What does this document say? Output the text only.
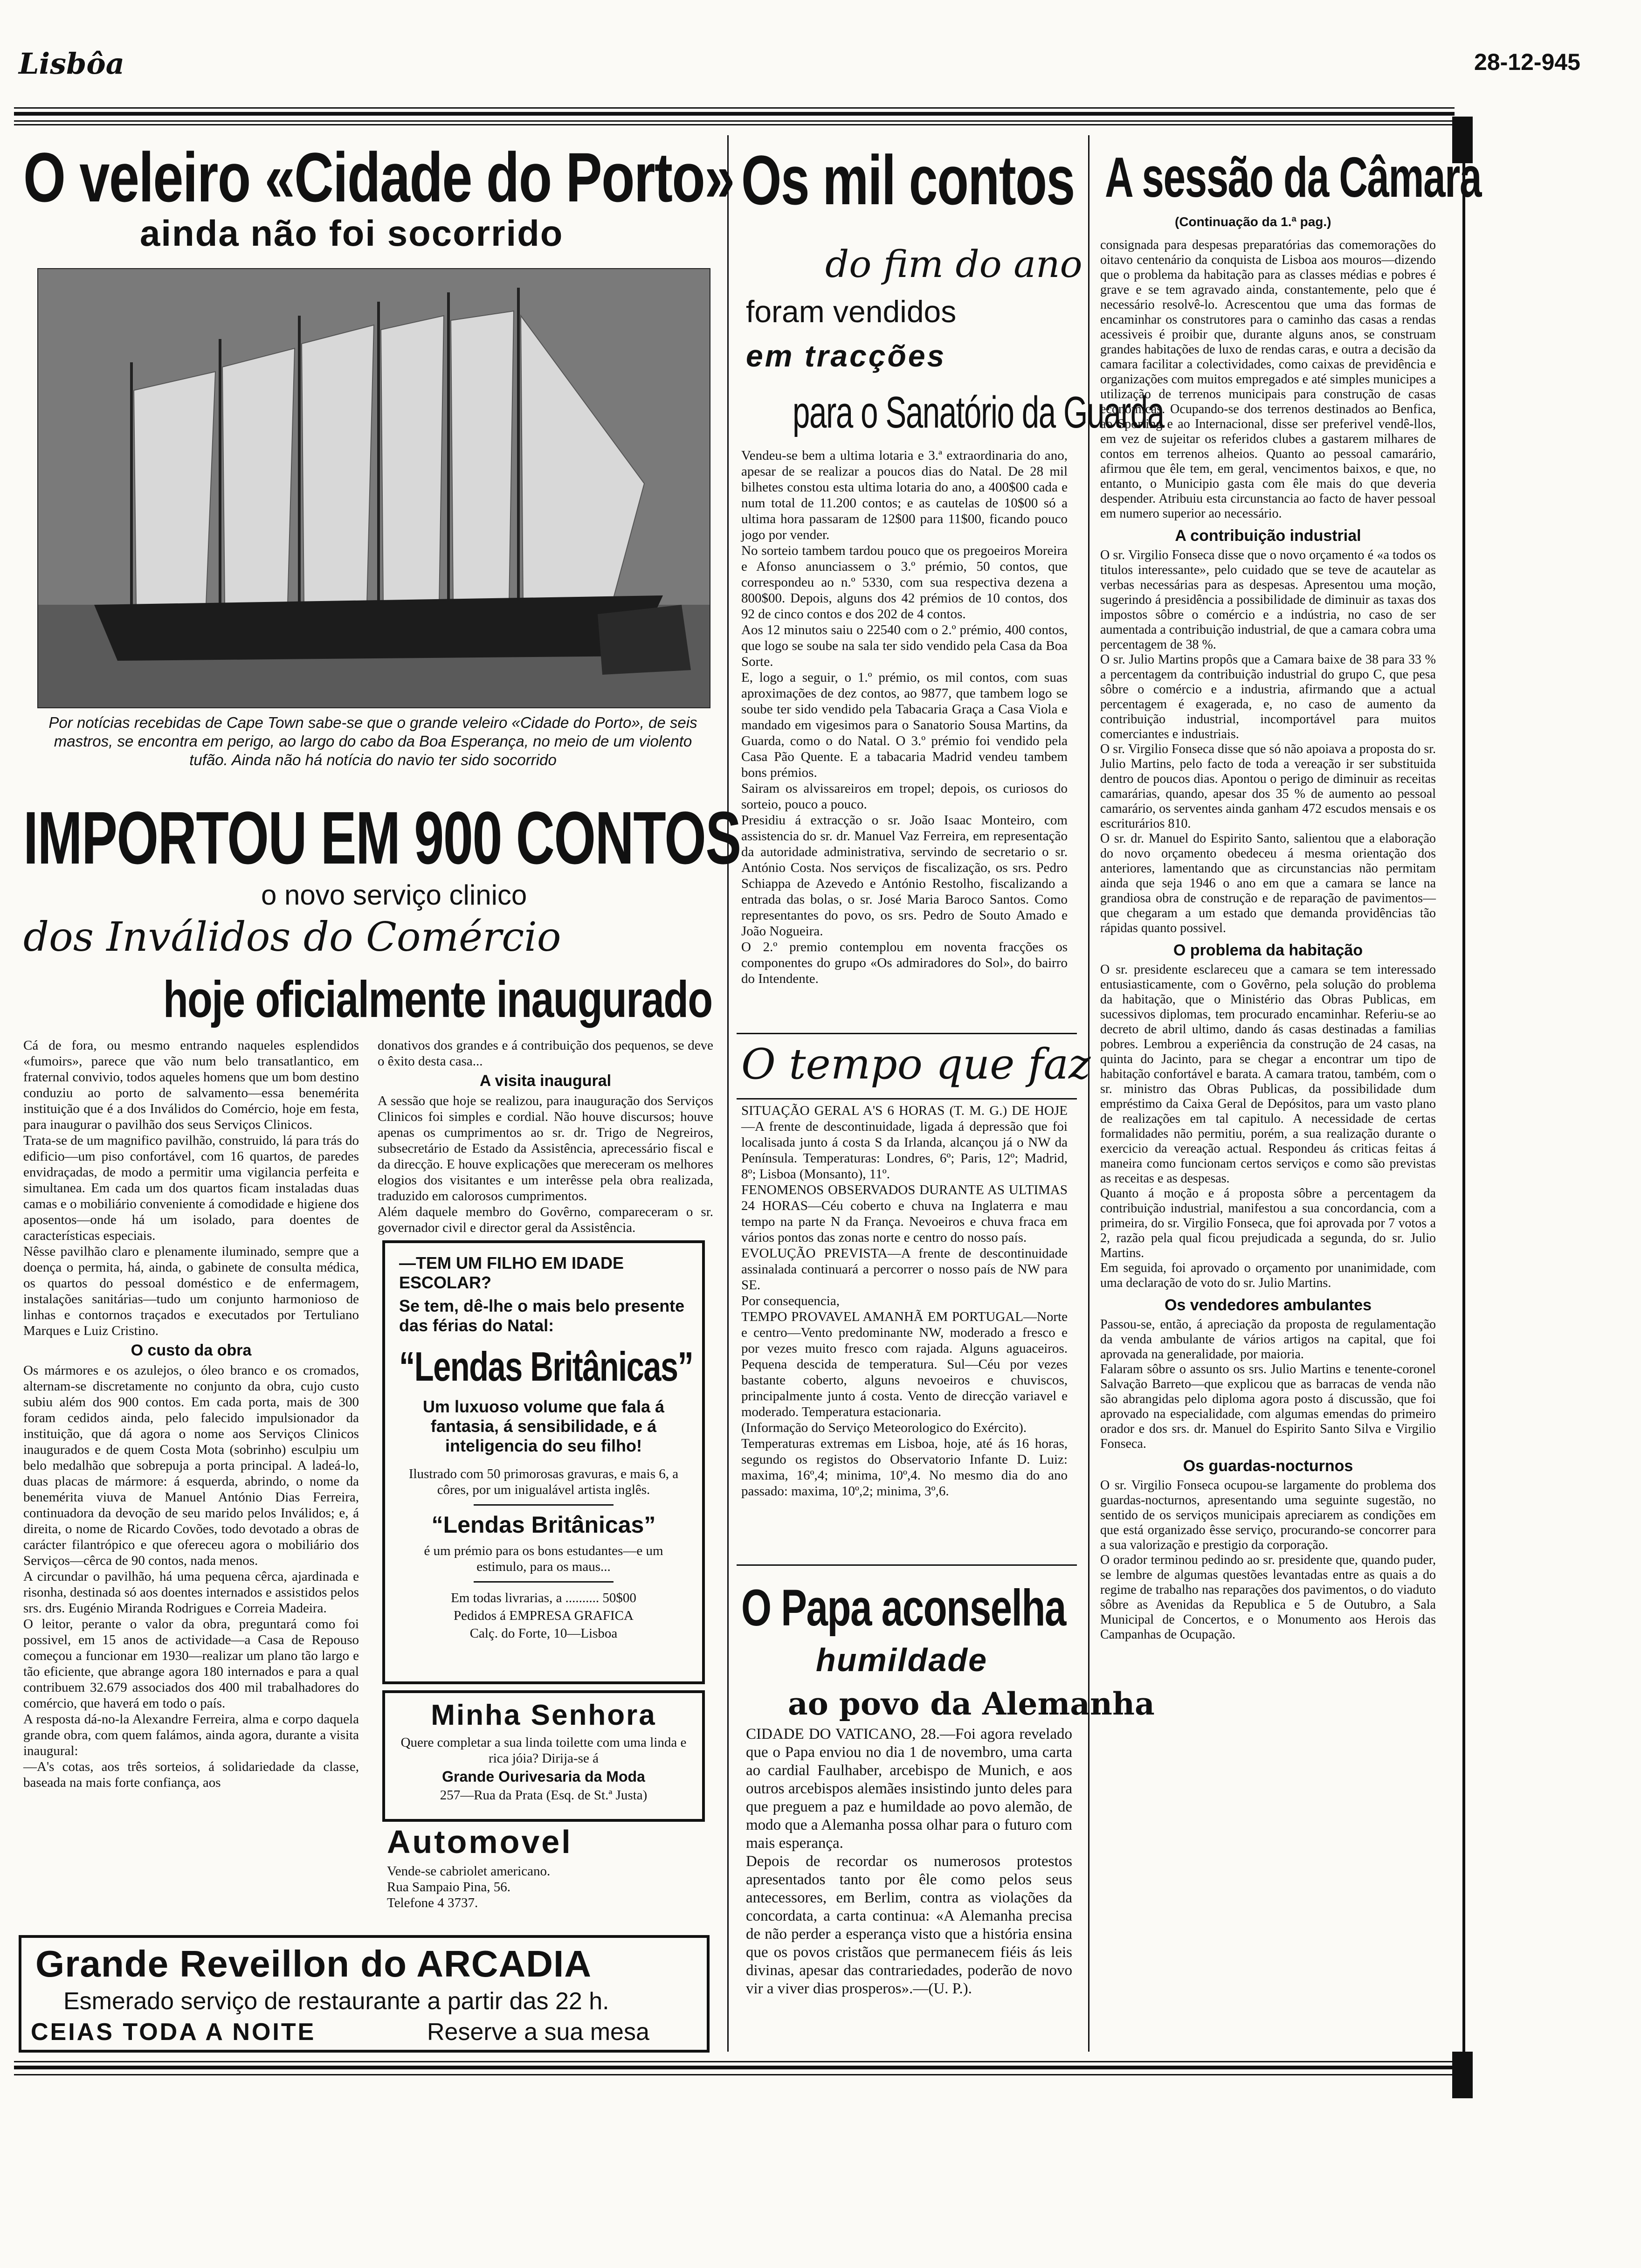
Lisbôa	28-12-945
O veleiro «Cidade do Porto»
ainda não foi socorrido
Por notícias recebidas de Cape Town sabe-se que o grande veleiro «Cidade do Porto», de seis mastros, se encontra em perigo, ao largo do cabo da Boa Esperança, no meio de um violento tufão. Ainda não há notícia do navio ter sido socorrido
IMPORTOU EM 900 CONTOS
o novo serviço clinico
dos Inválidos do Comércio
hoje oficialmente inaugurado
Cá de fora, ou mesmo entrando naqueles esplendidos «fumoirs», parece que vão num belo transatlantico, em fraternal convivio, todos aqueles homens que um bom destino conduziu ao porto de salvamento—essa benemérita instituição que é a dos Inválidos do Comércio, hoje em festa, para inaugurar o pavilhão dos seus Serviços Clinicos.
Trata-se de um magnifico pavilhão, construido, lá para trás do edificio—um piso confortável, com 16 quartos, de paredes envidraçadas, de modo a permitir uma vigilancia perfeita e simultanea. Em cada um dos quartos ficam instaladas duas camas e o mobiliário conveniente á comodidade e higiene dos aposentos—onde há um isolado, para doentes de características especiais.
Nêsse pavilhão claro e plenamente iluminado, sempre que a doença o permita, há, ainda, o gabinete de consulta médica, os quartos do pessoal doméstico e de enfermagem, instalações sanitárias—tudo um conjunto harmonioso de linhas e contornos traçados e executados por Tertuliano Marques e Luiz Cristino.
O custo da obra
Os mármores e os azulejos, o óleo branco e os cromados, alternam-se discretamente no conjunto da obra, cujo custo subiu além dos 900 contos. Em cada porta, mais de 300 foram cedidos ainda, pelo falecido impulsionador da instituição, que dá agora o nome aos Serviços Clinicos inaugurados e de quem Costa Mota (sobrinho) esculpiu um belo medalhão que sobrepuja a porta principal. A ladeá-lo, duas placas de mármore: á esquerda, abrindo, o nome da benemérita viuva de Manuel António Dias Ferreira, continuadora da devoção de seu marido pelos Inválidos; e, á direita, o nome de Ricardo Covões, todo devotado a obras de carácter filantrópico e que ofereceu agora o mobiliário dos Serviços—cêrca de 90 contos, nada menos.
A circundar o pavilhão, há uma pequena cêrca, ajardinada e risonha, destinada só aos doentes internados e assistidos pelos srs. drs. Eugénio Miranda Rodrigues e Correia Madeira.
O leitor, perante o valor da obra, preguntará como foi possivel, em 15 anos de actividade—a Casa de Repouso começou a funcionar em 1930—realizar um plano tão largo e tão eficiente, que abrange agora 180 internados e para a qual contribuem 32.679 associados dos 400 mil trabalhadores do comércio, que haverá em todo o país.
A resposta dá-no-la Alexandre Ferreira, alma e corpo daquela grande obra, com quem falámos, ainda agora, durante a visita inaugural:
—A's cotas, aos três sorteios, á solidariedade da classe, baseada na mais forte confiança, aos
donativos dos grandes e á contribuição dos pequenos, se deve o êxito desta casa...
A visita inaugural
A sessão que hoje se realizou, para inauguração dos Serviços Clinicos foi simples e cordial. Não houve discursos; houve apenas os cumprimentos ao sr. dr. Trigo de Negreiros, subsecretário de Estado da Assistência, aprecessário fiscal e da direcção. E houve explicações que mereceram os melhores elogios dos visitantes e um interêsse pela obra realizada, traduzido em calorosos cumprimentos.
Além daquele membro do Govêrno, compareceram o sr. governador civil e director geral da Assistência.
—TEM UM FILHO EM IDADE ESCOLAR?
Se tem, dê-lhe o mais belo presente das férias do Natal:
“Lendas Britânicas”
Um luxuoso volume que fala á fantasia, á sensibilidade, e á inteligencia do seu filho!
Ilustrado com 50 primorosas gravuras, e mais 6, a côres, por um inigualável artista inglês.
“Lendas Britânicas”
é um prémio para os bons estudantes—e um estimulo, para os maus...
Em todas livrarias, a .......... 50$00
Pedidos á EMPRESA GRAFICA
Calç. do Forte, 10—Lisboa
Minha Senhora
Quere completar a sua linda toilette com uma linda e rica jóia? Dirija-se á
Grande Ourivesaria da Moda
257—Rua da Prata (Esq. de St.ª Justa)
Automovel
Vende-se cabriolet americano.
Rua Sampaio Pina, 56.
Telefone 4 3737.
Grande Reveillon do ARCADIA
Esmerado serviço de restaurante a partir das 22 h.
CEIAS TODA A NOITE	Reserve a sua mesa
Os mil contos
do fim do ano
foram vendidos
em tracções
para o Sanatório da Guarda
Vendeu-se bem a ultima lotaria e 3.ª extraordinaria do ano, apesar de se realizar a poucos dias do Natal. De 28 mil bilhetes constou esta ultima lotaria do ano, a 400$00 cada e num total de 11.200 contos; e as cautelas de 10$00 só a ultima hora passaram de 12$00 para 11$00, ficando pouco jogo por vender.
No sorteio tambem tardou pouco que os pregoeiros Moreira e Afonso anunciassem o 3.º prémio, 50 contos, que correspondeu ao n.º 5330, com sua respectiva dezena a 800$00. Depois, alguns dos 42 prémios de 10 contos, dos 92 de cinco contos e dos 202 de 4 contos.
Aos 12 minutos saiu o 22540 com o 2.º prémio, 400 contos, que logo se soube na sala ter sido vendido pela Casa da Boa Sorte.
E, logo a seguir, o 1.º prémio, os mil contos, com suas aproximações de dez contos, ao 9877, que tambem logo se soube ter sido vendido pela Tabacaria Graça a Casa Viola e mandado em vigesimos para o Sanatorio Sousa Martins, da Guarda, como o do Natal. O 3.º prémio foi vendido pela Casa Pão Quente. E a tabacaria Madrid vendeu tambem bons prémios.
Sairam os alvissareiros em tropel; depois, os curiosos do sorteio, pouco a pouco.
Presidiu á extracção o sr. João Isaac Monteiro, com assistencia do sr. dr. Manuel Vaz Ferreira, em representação da autoridade administrativa, servindo de secretario o sr. António Costa. Nos serviços de fiscalização, os srs. Pedro Schiappa de Azevedo e António Restolho, fiscalizando a entrada das bolas, o sr. José Maria Baroco Santos. Como representantes do povo, os srs. Pedro de Souto Amado e João Nogueira.
O 2.º premio contemplou em noventa fracções os componentes do grupo «Os admiradores do Sol», do bairro do Intendente.
O tempo que faz
SITUAÇÃO GERAL A'S 6 HORAS (T. M. G.) DE HOJE—A frente de descontinuidade, ligada á depressão que foi localisada junto á costa S da Irlanda, alcançou já o NW da Península. Temperaturas: Londres, 6º; Paris, 12º; Madrid, 8º; Lisboa (Monsanto), 11º.
FENOMENOS OBSERVADOS DURANTE AS ULTIMAS 24 HORAS—Céu coberto e chuva na Inglaterra e mau tempo na parte N da França. Nevoeiros e chuva fraca em vários pontos das zonas norte e centro do nosso país.
EVOLUÇÃO PREVISTA—A frente de descontinuidade assinalada continuará a percorrer o nosso país de NW para SE.
Por consequencia,
TEMPO PROVAVEL AMANHÃ EM PORTUGAL—Norte e centro—Vento predominante NW, moderado a fresco e por vezes muito fresco com rajada. Alguns aguaceiros. Pequena descida de temperatura. Sul—Céu por vezes bastante coberto, alguns nevoeiros e chuviscos, principalmente junto á costa. Vento de direcção variavel e moderado. Temperatura estacionaria.
(Informação do Serviço Meteorologico do Exército).
Temperaturas extremas em Lisboa, hoje, até ás 16 horas, segundo os registos do Observatorio Infante D. Luiz: maxima, 16º,4; minima, 10º,4. No mesmo dia do ano passado: maxima, 10º,2; minima, 3º,6.
O Papa aconselha
humildade
ao povo da Alemanha
CIDADE DO VATICANO, 28.—Foi agora revelado que o Papa enviou no dia 1 de novembro, uma carta ao cardial Faulhaber, arcebispo de Munich, e aos outros arcebispos alemães insistindo junto deles para que preguem a paz e humildade ao povo alemão, de modo que a Alemanha possa olhar para o futuro com mais esperança.
Depois de recordar os numerosos protestos apresentados tanto por êle como pelos seus antecessores, em Berlim, contra as violações da concordata, a carta continua: «A Alemanha precisa de não perder a esperança visto que a história ensina que os povos cristãos que permanecem fiéis ás leis divinas, apesar das contrariedades, poderão de novo vir a viver dias prosperos».—(U. P.).
A sessão da Câmara
(Continuação da 1.ª pag.)
consignada para despesas preparatórias das comemorações do oitavo centenário da conquista de Lisboa aos mouros—dizendo que o problema da habitação para as classes médias e pobres é grave e se tem agravado ainda, constantemente, pelo que é necessário resolvê-lo. Acrescentou que uma das formas de encaminhar os construtores para o caminho das casas a rendas acessiveis é proibir que, durante alguns anos, se construam grandes habitações de luxo de rendas caras, e outra a decisão da camara facilitar a colectividades, como caixas de previdência e organizações com muitos empregados e até simples municipes a utilização de terrenos municipais para construção de casas económicas. Ocupando-se dos terrenos destinados ao Benfica, ao Sporting e ao Internacional, disse ser preferivel vendê-llos, em vez de sujeitar os referidos clubes a gastarem milhares de contos em terrenos alheios. Quanto ao pessoal camarário, afirmou que êle tem, em geral, vencimentos baixos, e que, no entanto, o Municipio gasta com êle mais do que deveria despender. Atribuiu esta circunstancia ao facto de haver pessoal em numero superior ao necessário.
A contribuição industrial
O sr. Virgilio Fonseca disse que o novo orçamento é «a todos os titulos interessante», pelo cuidado que se teve de acautelar as verbas necessárias para as despesas. Apresentou uma moção, sugerindo á presidência a possibilidade de diminuir as taxas dos impostos sôbre o comércio e a indústria, no caso de ser aumentada a contribuição industrial, de que a camara cobra uma percentagem de 38 %.
O sr. Julio Martins propôs que a Camara baixe de 38 para 33 % a percentagem da contribuição industrial do grupo C, que pesa sôbre o comércio e a industria, afirmando que a actual percentagem é exagerada, e, no caso de aumento da contribuição industrial, incomportável para muitos comerciantes e industriais.
O sr. Virgilio Fonseca disse que só não apoiava a proposta do sr. Julio Martins, pelo facto de toda a vereação ir ser substituida dentro de poucos dias. Apontou o perigo de diminuir as receitas camarárias, quando, apesar dos 35 % de aumento ao pessoal camarário, os serventes ainda ganham 472 escudos mensais e os escriturários 810.
O sr. dr. Manuel do Espirito Santo, salientou que a elaboração do novo orçamento obedeceu á mesma orientação dos anteriores, lamentando que as circunstancias não permitam ainda que seja 1946 o ano em que a camara se lance na grandiosa obra de construção e de reparação de pavimentos—que chegaram a um estado que demanda providências tão rápidas quanto possivel.
O problema da habitação
O sr. presidente esclareceu que a camara se tem interessado entusiasticamente, com o Govêrno, pela solução do problema da habitação, que o Ministério das Obras Publicas, em sucessivos diplomas, tem procurado encaminhar. Referiu-se ao decreto de abril ultimo, dando ás casas destinadas a familias pobres. Lembrou a experiência da construção de 24 casas, na quinta do Jacinto, para se chegar a encontrar um tipo de habitação confortável e barata. A camara tratou, também, com o sr. ministro das Obras Publicas, da possibilidade dum empréstimo da Caixa Geral de Depósitos, para um vasto plano de realizações em tal capitulo. A necessidade de certas formalidades não permitiu, porém, a sua realização durante o exercicio da vereação actual. Respondeu ás criticas feitas á maneira como funcionam certos serviços e como são previstas as receitas e as despesas.
Quanto á moção e á proposta sôbre a percentagem da contribuição industrial, manifestou a sua concordancia, com a primeira, do sr. Virgilio Fonseca, que foi aprovada por 7 votos a 2, razão pela qual ficou prejudicada a segunda, do sr. Julio Martins.
Em seguida, foi aprovado o orçamento por unanimidade, com uma declaração de voto do sr. Julio Martins.
Os vendedores ambulantes
Passou-se, então, á apreciação da proposta de regulamentação da venda ambulante de vários artigos na capital, que foi aprovada na generalidade, por maioria.
Falaram sôbre o assunto os srs. Julio Martins e tenente-coronel Salvação Barreto—que explicou que as barracas de venda não são abrangidas pelo diploma agora posto á discussão, que foi aprovado na especialidade, com algumas emendas do primeiro orador e dos srs. dr. Manuel do Espirito Santo Silva e Virgilio Fonseca.
Os guardas-nocturnos
O sr. Virgilio Fonseca ocupou-se largamente do problema dos guardas-nocturnos, apresentando uma seguinte sugestão, no sentido de os serviços municipais apreciarem as condições em que está organizado êsse serviço, procurando-se concorrer para a sua valorização e prestigio da corporação.
O orador terminou pedindo ao sr. presidente que, quando puder, se lembre de algumas questões levantadas entre as quais a do regime de trabalho nas reparações dos pavimentos, o do viaduto sôbre as Avenidas da Republica e 5 de Outubro, a Sala Municipal de Concertos, e o Monumento aos Herois das Campanhas de Ocupação.
